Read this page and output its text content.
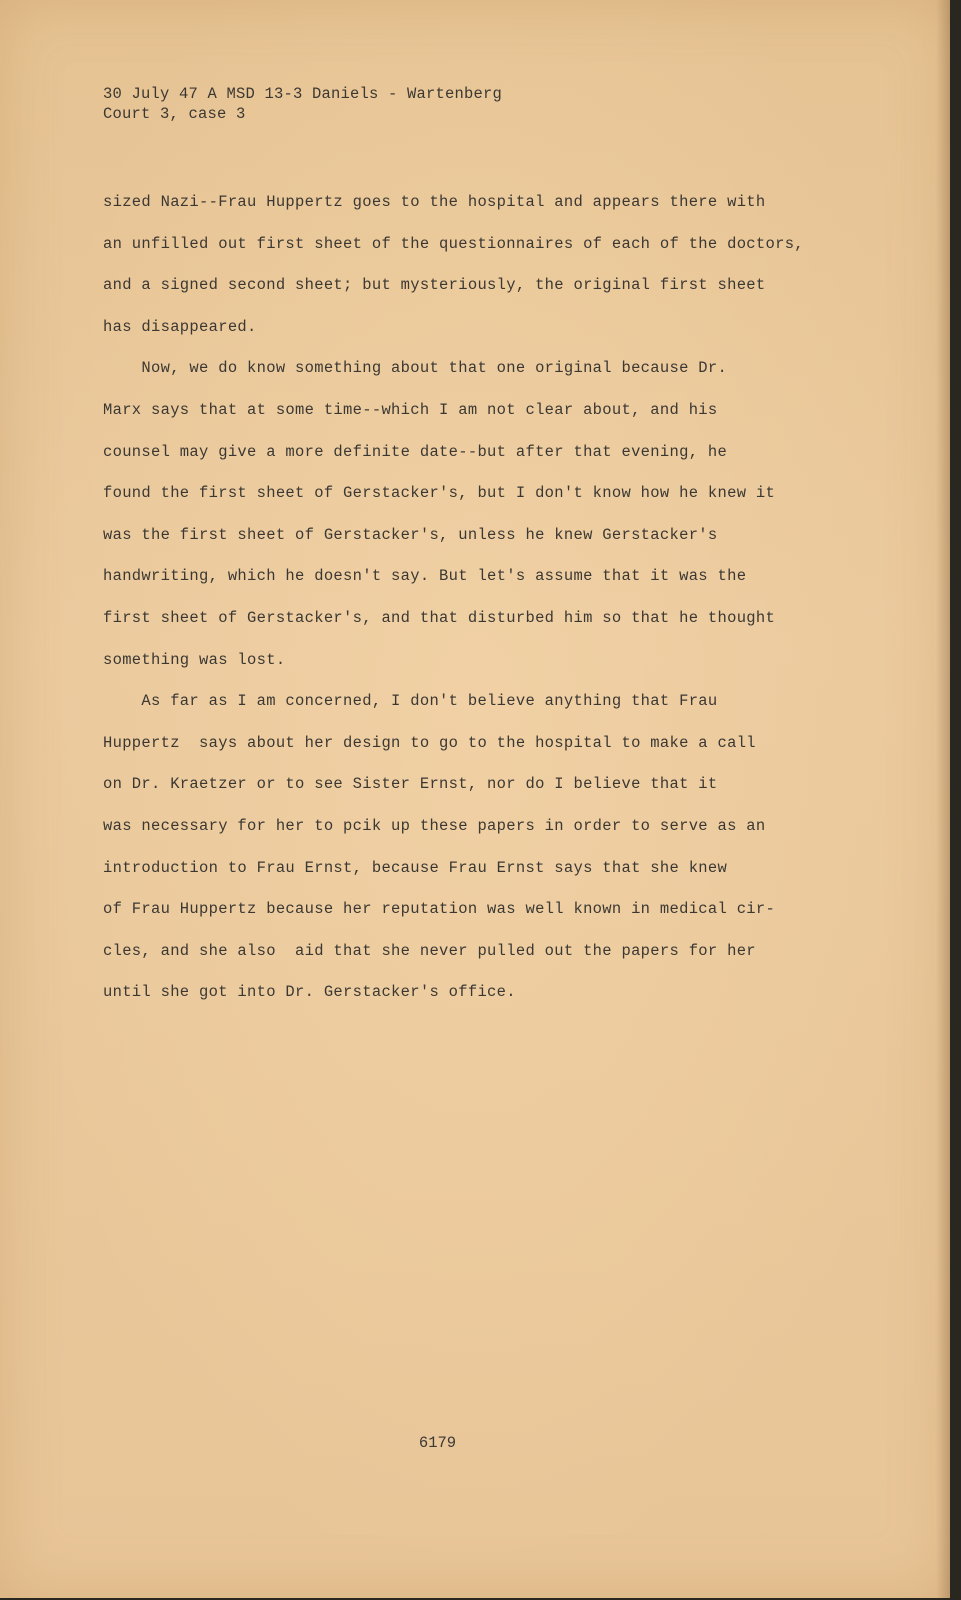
30 July 47 A MSD 13-3 Daniels - Wartenberg
Court 3, case 3
sized Nazi--Frau Huppertz goes to the hospital and appears there with
an unfilled out first sheet of the questionnaires of each of the doctors,
and a signed second sheet; but mysteriously, the original first sheet
has disappeared.
Now, we do know something about that one original because Dr.
Marx says that at some time--which I am not clear about, and his
counsel may give a more definite date--but after that evening, he
found the first sheet of Gerstacker's, but I don't know how he knew it
was the first sheet of Gerstacker's, unless he knew Gerstacker's
handwriting, which he doesn't say. But let's assume that it was the
first sheet of Gerstacker's, and that disturbed him so that he thought
something was lost.
As far as I am concerned, I don't believe anything that Frau
Huppertz  says about her design to go to the hospital to make a call
on Dr. Kraetzer or to see Sister Ernst, nor do I believe that it
was necessary for her to pcik up these papers in order to serve as an
introduction to Frau Ernst, because Frau Ernst says that she knew
of Frau Huppertz because her reputation was well known in medical cir-
cles, and she also  aid that she never pulled out the papers for her
until she got into Dr. Gerstacker's office.
6179
